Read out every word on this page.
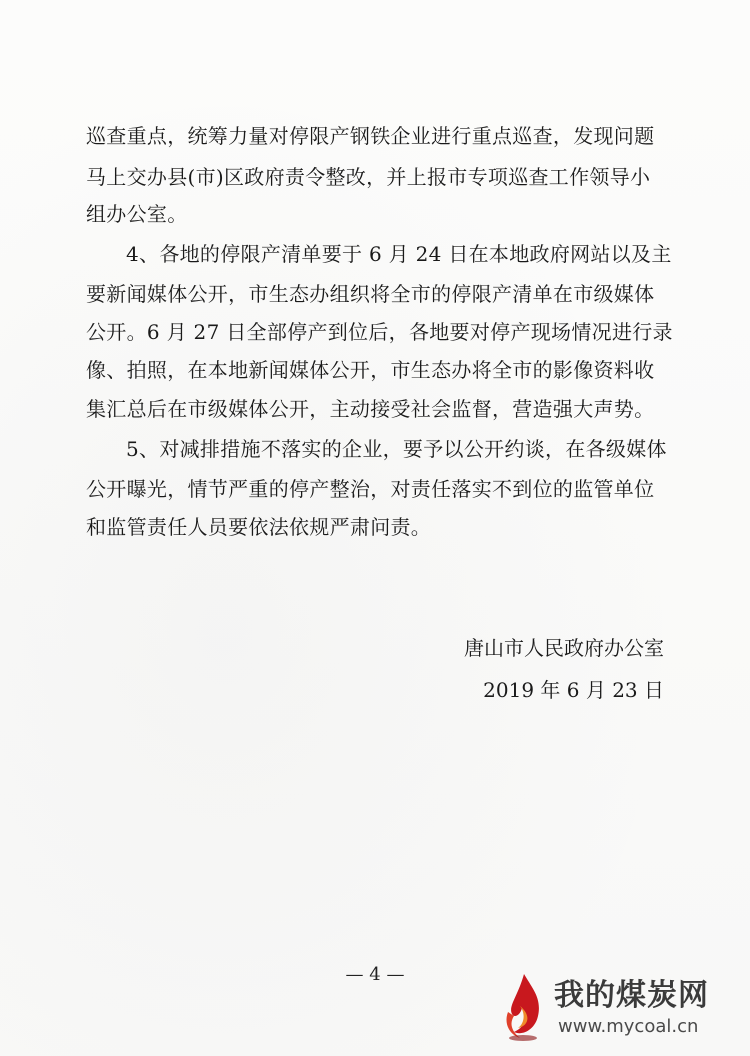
巡查重点，统筹力量对停限产钢铁企业进行重点巡查，发现问题
马上交办县(市)区政府责令整改，并上报市专项巡查工作领导小
组办公室。
4、各地的停限产清单要于 6 月 24 日在本地政府网站以及主
要新闻媒体公开，市生态办组织将全市的停限产清单在市级媒体
公开。6 月 27 日全部停产到位后，各地要对停产现场情况进行录
像、拍照，在本地新闻媒体公开，市生态办将全市的影像资料收
集汇总后在市级媒体公开，主动接受社会监督，营造强大声势。
5、对减排措施不落实的企业，要予以公开约谈，在各级媒体
公开曝光，情节严重的停产整治，对责任落实不到位的监管单位
和监管责任人员要依法依规严肃问责。
唐山市人民政府办公室
2019 年 6 月 23 日
— 4 —
我的煤炭网
www.mycoal.cn
